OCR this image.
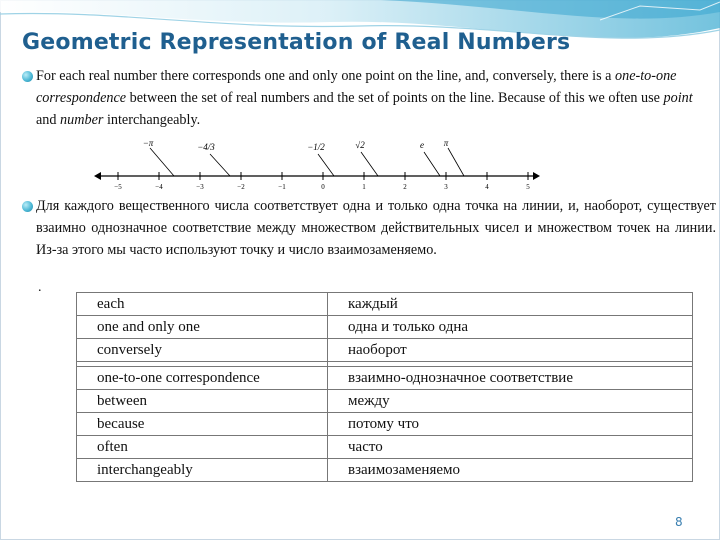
Geometric Representation of Real Numbers

For each real number there corresponds one and only one point on the line, and, conversely, there is a one-to-one correspondence between the set of real numbers and the set of points on the line. Because of this we often use point and number interchangeably.

−5	−4	−3	−2	−1	0	1	2	3	4	5
−π	−4/3	−1/2	√2	e π

Для каждого вещественного числа соответствует одна и только одна точка на линии, и, наоборот, существует взаимно однозначное соответствие между множеством действительных чисел и множеством точек на линии. Из-за этого мы часто используют точку и число взаимозаменяемо.

.
each	каждый
one and only one	одна и только одна
conversely	наоборот

one-to-one correspondence	взаимно-однозначное соответствие
between	между
because	потому что
often	часто
interchangeably	взаимозаменяемо
8
